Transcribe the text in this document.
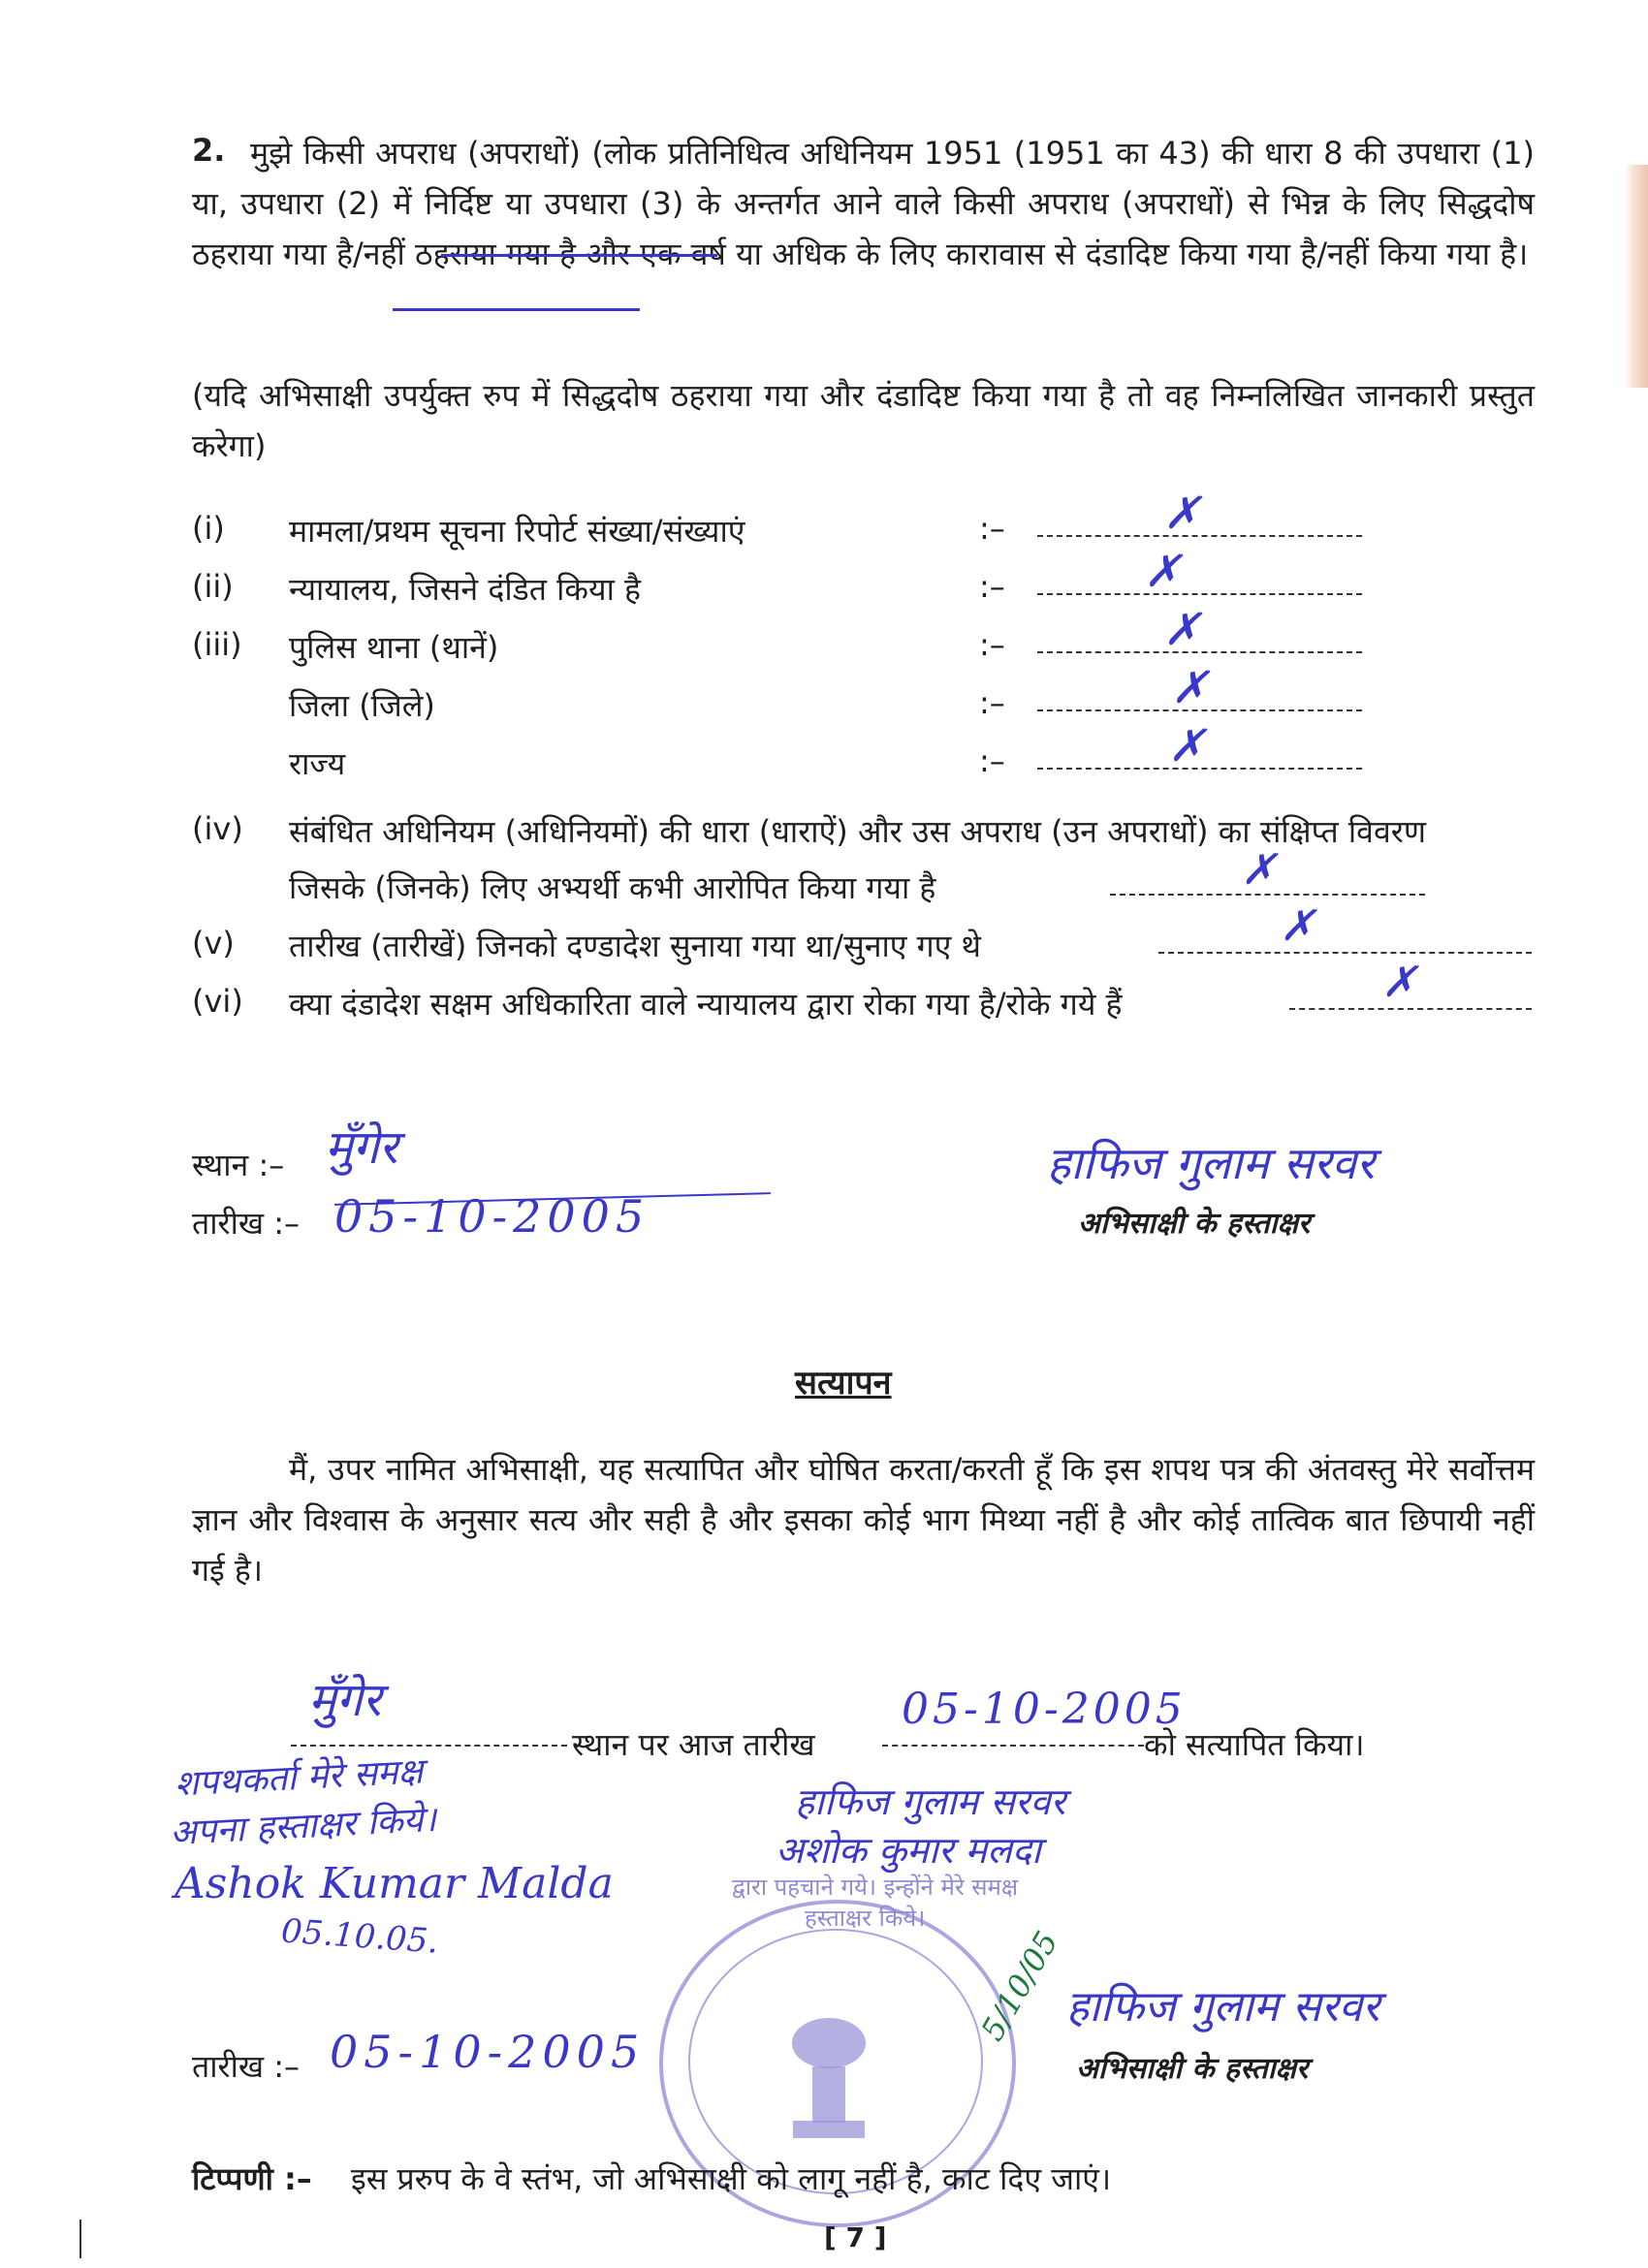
2. मुझे किसी अपराध (अपराधों) (लोक प्रतिनिधित्व अधिनियम 1951 (1951 का 43) की धारा 8 की उपधारा (1) या, उपधारा (2) में निर्दिष्ट या उपधारा (3) के अन्तर्गत आने वाले किसी अपराध (अपराधों) से भिन्न के लिए सिद्धदोष ठहराया गया है/नहीं ठहराया गया है और एक वर्ष या अधिक के लिए कारावास से दंडादिष्ट किया गया है/नहीं किया गया है।
(यदि अभिसाक्षी उपर्युक्त रुप में सिद्धदोष ठहराया गया और दंडादिष्ट किया गया है तो वह निम्नलिखित जानकारी प्रस्तुत करेगा)
(i) मामला/प्रथम सूचना रिपोर्ट संख्या/संख्याएं	:–	✗
(ii) न्यायालय, जिसने दंडित किया है	:–	✗
(iii) पुलिस थाना (थानें)	:–	✗
जिला (जिले)	:–	✗
राज्य	:–	✗
(iv) संबंधित अधिनियम (अधिनियमों) की धारा (धाराऐं) और उस अपराध (उन अपराधों) का संक्षिप्त विवरण
जिसके (जिनके) लिए अभ्यर्थी कभी आरोपित किया गया है	✗
(v) तारीख (तारीखें) जिनको दण्डादेश सुनाया गया था/सुनाए गए थे	✗
(vi) क्या दंडादेश सक्षम अधिकारिता वाले न्यायालय द्वारा रोका गया है/रोके गये हैं	✗
स्थान :– मुँगेर
तारीख :– 05-10-2005
हाफिज गुलाम सरवर
अभिसाक्षी के हस्ताक्षर
सत्यापन
मैं, उपर नामित अभिसाक्षी, यह सत्यापित और घोषित करता/करती हूँ कि इस शपथ पत्र की अंतवस्तु मेरे सर्वोत्तम ज्ञान और विश्वास के अनुसार सत्य और सही है और इसका कोई भाग मिथ्या नहीं है और कोई तात्विक बात छिपायी नहीं गई है।
मुँगेर
स्थान पर आज तारीख
05-10-2005
को सत्यापित किया।
शपथकर्ता मेरे समक्ष
अपना हस्ताक्षर किये।
Ashok Kumar Malda
05.10.05.
हाफिज गुलाम सरवर
अशोक कुमार मलदा
द्वारा पहचाने गये। इन्होंने मेरे समक्ष
हस्ताक्षर किये।
5/10/05
तारीख :– 05-10-2005
हाफिज गुलाम सरवर
अभिसाक्षी के हस्ताक्षर
टिप्पणी :– इस प्ररुप के वे स्तंभ, जो अभिसाक्षी को लागू नहीं है, काट दिए जाएं।
[ 7 ]
